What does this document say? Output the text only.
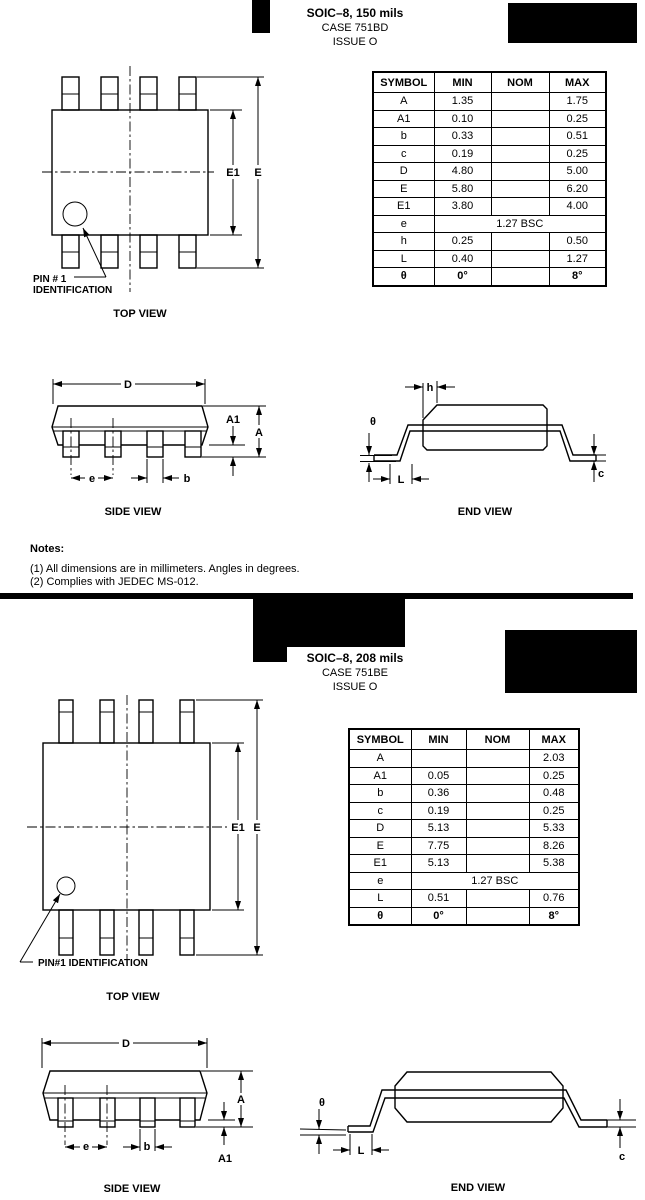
SOIC–8, 150 mils
CASE 751BD
ISSUE O
SYMBOL	MIN	NOM	MAX
A	1.35		1.75
A1	0.10		0.25
b	0.33		0.51
c	0.19		0.25
D	4.80		5.00
E	5.80		6.20
E1	3.80		4.00
e	1.27 BSC		
h	0.25		0.50
L	0.40		1.27
θ	0°		8°
E1 E
PIN # 1
IDENTIFICATION
TOP VIEW
D
e	b
A
A1
SIDE VIEW
h
θ
L	c
END VIEW
Notes:
(1) All dimensions are in millimeters. Angles in degrees.
(2) Complies with JEDEC MS-012.
SOIC–8, 208 mils
CASE 751BE
ISSUE O
SYMBOL	MIN	NOM	MAX
A			2.03
A1	0.05		0.25
b	0.36		0.48
c	0.19		0.25
D	5.13		5.33
E	7.75		8.26
E1	5.13		5.38
e	1.27 BSC		
L	0.51		0.76
θ	0°		8°
E1 E
PIN#1 IDENTIFICATION
TOP VIEW
D
e	b
A
A1
SIDE VIEW
θ
L	c
END VIEW
